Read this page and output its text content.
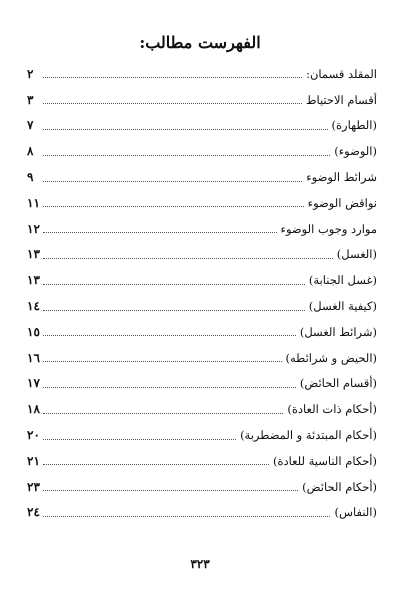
الفهرست مطالب:
المقلد قسمان:
٢
أقسام الاحتياط
٣
(الطهارة)
٧
(الوضوء)
٨
شرائط الوضوء
٩
نواقض الوضوء
١١
موارد وجوب الوضوء
١٢
(الغسل)
١٣
(غسل الجنابة)
١٣
(كيفية الغسل)
١٤
(شرائط الغسل)
١٥
(الحيض و شرائطه)
١٦
(أقسام الحائض)
١٧
(أحكام ذات العادة)
١٨
(أحكام المبتدئة و المضطربة)
٢٠
(أحكام الناسية للعادة)
٢١
(أحكام الحائض)
٢٣
(النفاس)
٢٤
٣٢٣
